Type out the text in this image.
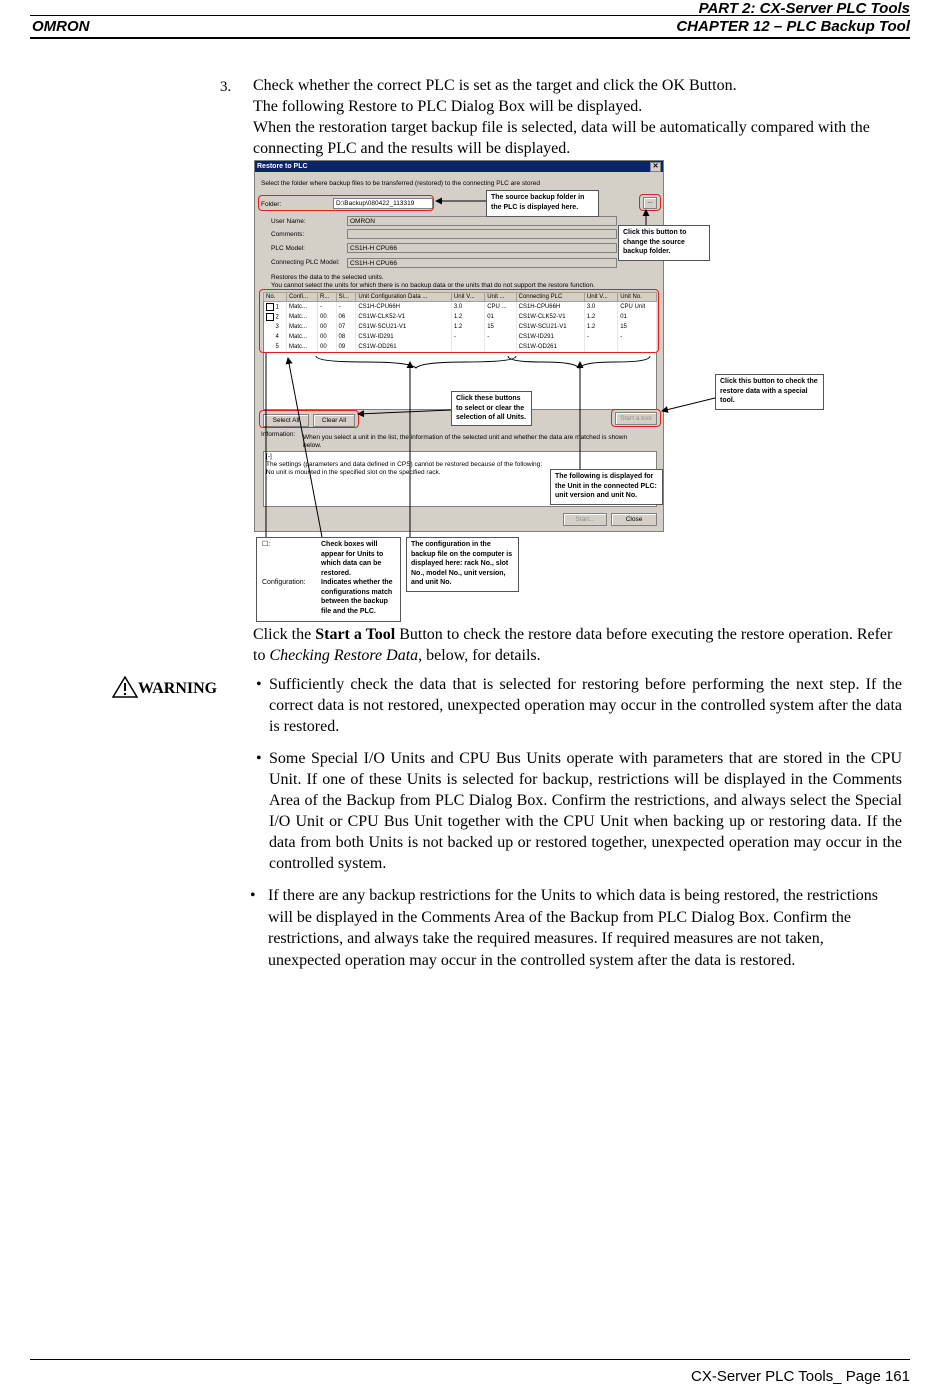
PART 2: CX-Server PLC Tools
OMRON	CHAPTER 12 – PLC Backup Tool
3. Check whether the correct PLC is set as the target and click the OK Button.
The following Restore to PLC Dialog Box will be displayed.
When the restoration target backup file is selected, data will be automatically compared with the connecting PLC and the results will be displayed.
Restore to PLC	✕
Select the folder where backup files to be transferred (restored) to the connecting PLC are stored
Folder:	D:\Backup\080422_113319	...
User Name:	OMRON
Comments:
PLC Model:	CS1H-H CPU66
Connecting PLC Model:	CS1H-H CPU66
Restores the data to the selected units.
You cannot select the units for which there is no backup data or the units that do not support the restore function.
No.	Confi...	R...	Sl...	Unit Configuration Data ...	Unit V...	Unit ...	Connecting PLC	Unit V...	Unit No.
1	Matc...	-	-	CS1H-CPU66H	3.0	CPU ...	CS1H-CPU66H	3.0	CPU Unit
2	Matc...	00	06	CS1W-CLK52-V1	1.2	01	CS1W-CLK52-V1	1.2	01
3	Matc...	00	07	CS1W-SCU21-V1	1.2	15	CS1W-SCU21-V1	1.2	15
4	Matc...	00	08	CS1W-ID291	-	-	CS1W-ID291	-	-
5	Matc...	00	09	CS1W-OD261			CS1W-OD261		
Select All	Clear All	Start a tool
Information: When you select a unit in the list, the information of the selected unit and whether the data are matched is shown below.
[-]
The settings (parameters and data defined in CPS) cannot be restored because of the following:
No unit is mounted in the specified slot on the specified rack.
Start...	Close
The source backup folder in the PLC is displayed here.
Click this button to change the source backup folder.
Click this button to check the restore data with a special tool.
Click these buttons to select or clear the selection of all Units.
The following is displayed for the Unit in the connected PLC: unit version and unit No.
☐:	Check boxes will appear for Units to which data can be restored.
Configuration: Indicates whether the configurations match between the backup file and the PLC.
The configuration in the backup file on the computer is displayed here: rack No., slot No., model No., unit version, and unit No.
Click the Start a Tool Button to check the restore data before executing the restore operation. Refer to Checking Restore Data, below, for details.
WARNING • Sufficiently check the data that is selected for restoring before performing the next step. If the correct data is not restored, unexpected operation may occur in the controlled system after the data is restored.
• Some Special I/O Units and CPU Bus Units operate with parameters that are stored in the CPU Unit. If one of these Units is selected for backup, restrictions will be displayed in the Comments Area of the Backup from PLC Dialog Box. Confirm the restrictions, and always select the Special I/O Unit or CPU Bus Unit together with the CPU Unit when backing up or restoring data. If the data from both Units is not backed up or restored together, unexpected operation may occur in the controlled system.
• If there are any backup restrictions for the Units to which data is being restored, the restrictions will be displayed in the Comments Area of the Backup from PLC Dialog Box. Confirm the restrictions, and always take the required measures. If required measures are not taken, unexpected operation may occur in the controlled system after the data is restored.
CX-Server PLC Tools_ Page 161
